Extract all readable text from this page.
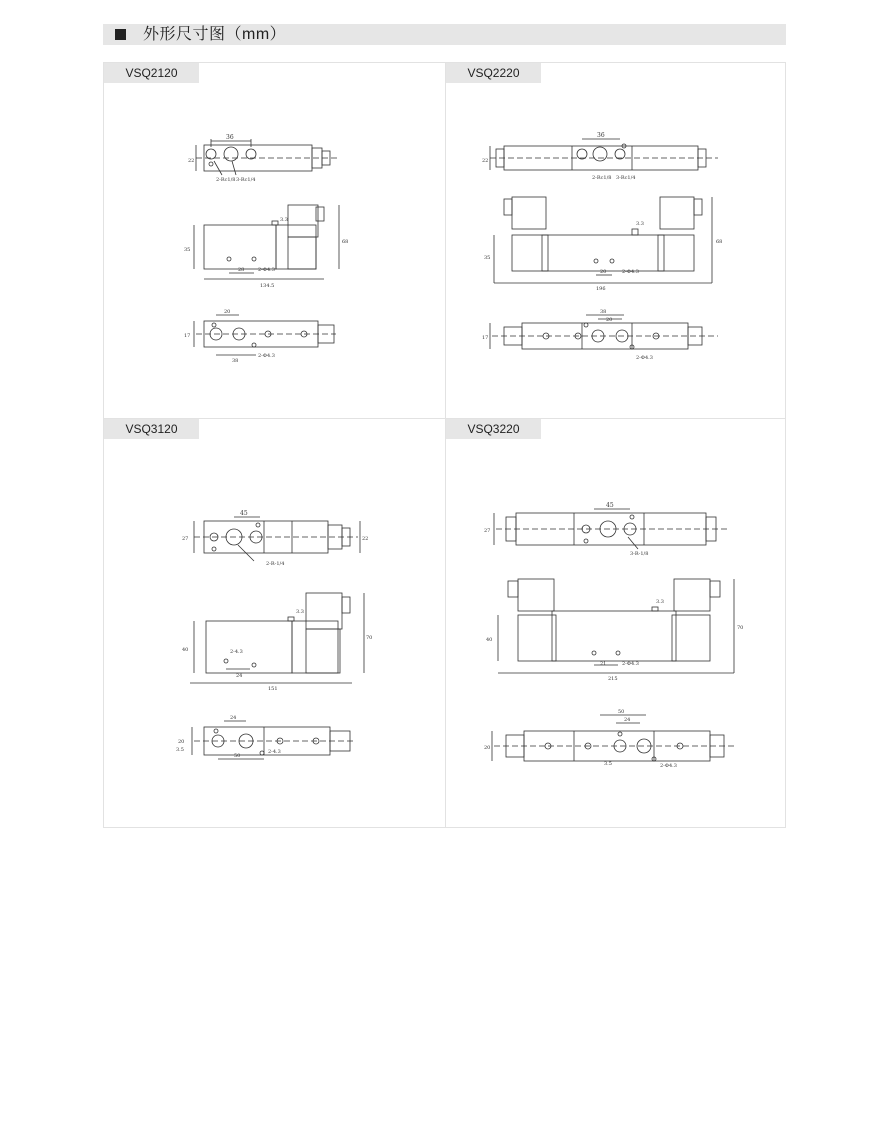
外形尺寸图（mm）
VSQ2120	VSQ2220
VSQ3120	VSQ3220
36
22
2-Rc1/8 3-Rc1/4
3.3
35
68
28	2-Φ4.3
134.5
20
38
17
2-Φ4.3
36
22
2-Rc1/8 3-Rc1/4
3.3
35
68
20	2-Φ4.3
196
38
20
17
2-Φ4.3
45
27	22
2-R-1/4
3.3
40
70
2-4.3
24
151
24
20
3.5	2-4.3
50
45
27
3-R-1/8
3.3
40
70
21	2-Φ4.3
215
50
24
20
3.5	2-Φ4.3
